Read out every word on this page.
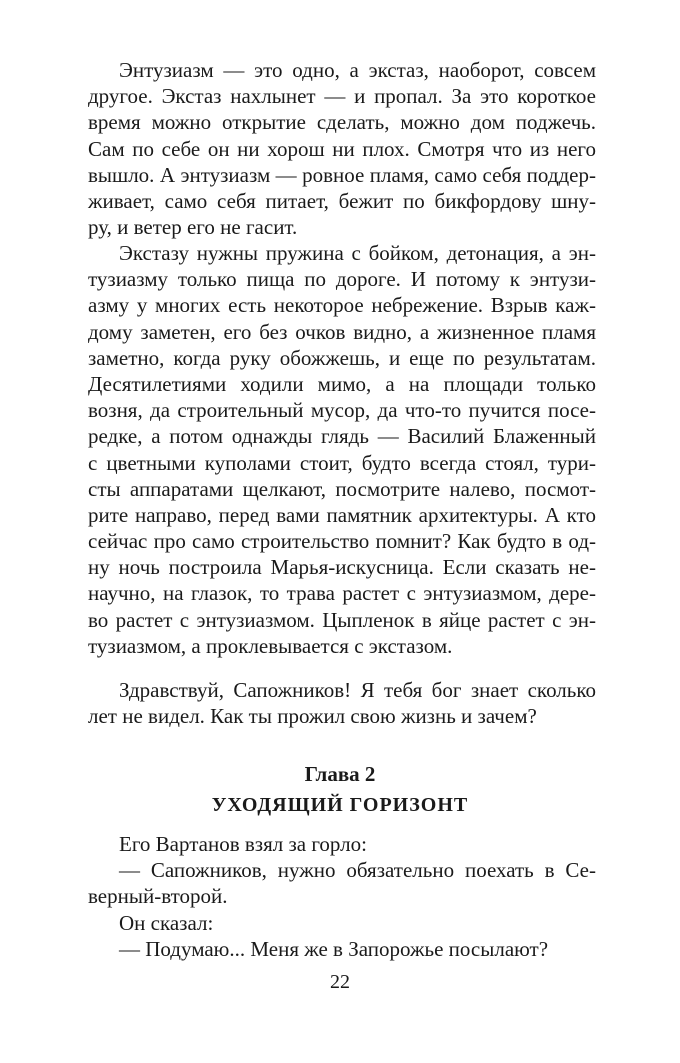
Энтузиазм — это одно, а экстаз, наоборот, совсем
другое. Экстаз нахлынет — и пропал. За это короткое
время можно открытие сделать, можно дом поджечь.
Сам по себе он ни хорош ни плох. Смотря что из него
вышло. А энтузиазм — ровное пламя, само себя поддер-
живает, само себя питает, бежит по бикфордову шну-
ру, и ветер его не гасит.
Экстазу нужны пружина с бойком, детонация, а эн-
тузиазму только пища по дороге. И потому к энтузи-
азму у многих есть некоторое небрежение. Взрыв каж-
дому заметен, его без очков видно, а жизненное пламя
заметно, когда руку обожжешь, и еще по результатам.
Десятилетиями ходили мимо, а на площади только
возня, да строительный мусор, да что-то пучится посе-
редке, а потом однажды глядь — Василий Блаженный
с цветными куполами стоит, будто всегда стоял, тури-
сты аппаратами щелкают, посмотрите налево, посмот-
рите направо, перед вами памятник архитектуры. А кто
сейчас про само строительство помнит? Как будто в од-
ну ночь построила Марья-искусница. Если сказать не-
научно, на глазок, то трава растет с энтузиазмом, дере-
во растет с энтузиазмом. Цыпленок в яйце растет с эн-
тузиазмом, а проклевывается с экстазом.
Здравствуй, Сапожников! Я тебя бог знает сколько
лет не видел. Как ты прожил свою жизнь и зачем?
Глава 2
УХОДЯЩИЙ ГОРИЗОНТ
Его Вартанов взял за горло:
— Сапожников, нужно обязательно поехать в Се-
верный-второй.
Он сказал:
— Подумаю... Меня же в Запорожье посылают?
22
